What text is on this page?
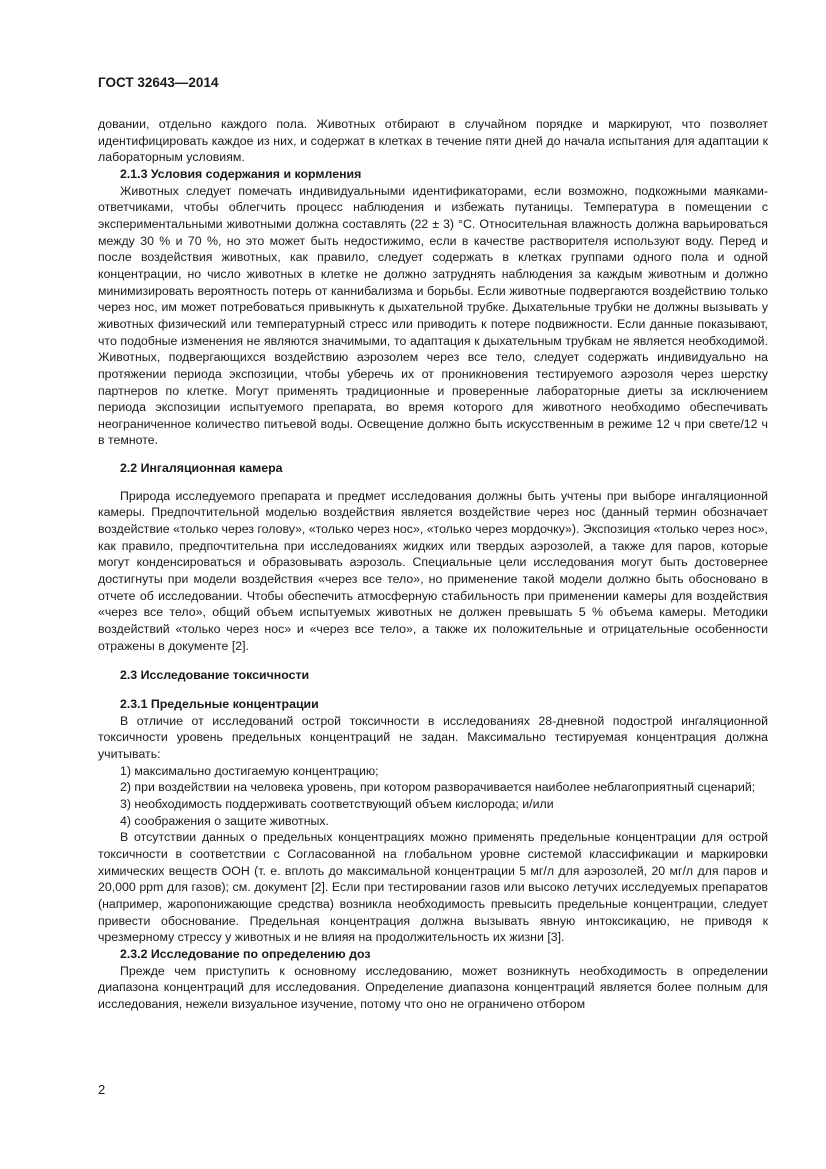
ГОСТ 32643—2014

довании, отдельно каждого пола. Животных отбирают в случайном порядке и маркируют, что позволяет идентифицировать каждое из них, и содержат в клетках в течение пяти дней до начала испытания для адаптации к лабораторным условиям.

2.1.3 Условия содержания и кормления

Животных следует помечать индивидуальными идентификаторами, если возможно, подкожными маяками-ответчиками, чтобы облегчить процесс наблюдения и избежать путаницы. Температура в помещении с экспериментальными животными должна составлять (22 ± 3) °С. Относительная влажность должна варьироваться между 30 % и 70 %, но это может быть недостижимо, если в качестве растворителя используют воду. Перед и после воздействия животных, как правило, следует содержать в клетках группами одного пола и одной концентрации, но число животных в клетке не должно затруднять наблюдения за каждым животным и должно минимизировать вероятность потерь от каннибализма и борьбы. Если животные подвергаются воздействию только через нос, им может потребоваться привыкнуть к дыхательной трубке. Дыхательные трубки не должны вызывать у животных физический или температурный стресс или приводить к потере подвижности. Если данные показывают, что подобные изменения не являются значимыми, то адаптация к дыхательным трубкам не является необходимой. Животных, подвергающихся воздействию аэрозолем через все тело, следует содержать индивидуально на протяжении периода экспозиции, чтобы уберечь их от проникновения тестируемого аэрозоля через шерстку партнеров по клетке. Могут применять традиционные и проверенные лабораторные диеты за исключением периода экспозиции испытуемого препарата, во время которого для животного необходимо обеспечивать неограниченное количество питьевой воды. Освещение должно быть искусственным в режиме 12 ч при свете/12 ч в темноте.

2.2 Ингаляционная камера

Природа исследуемого препарата и предмет исследования должны быть учтены при выборе ингаляционной камеры. Предпочтительной моделью воздействия является воздействие через нос (данный термин обозначает воздействие «только через голову», «только через нос», «только через мордочку»). Экспозиция «только через нос», как правило, предпочтительна при исследованиях жидких или твердых аэрозолей, а также для паров, которые могут конденсироваться и образовывать аэрозоль. Специальные цели исследования могут быть достовернее достигнуты при модели воздействия «через все тело», но применение такой модели должно быть обосновано в отчете об исследовании. Чтобы обеспечить атмосферную стабильность при применении камеры для воздействия «через все тело», общий объем испытуемых животных не должен превышать 5 % объема камеры. Методики воздействий «только через нос» и «через все тело», а также их положительные и отрицательные особенности отражены в документе [2].

2.3 Исследование токсичности

2.3.1 Предельные концентрации

В отличие от исследований острой токсичности в исследованиях 28-дневной подострой ингаляционной токсичности уровень предельных концентраций не задан. Максимально тестируемая концентрация должна учитывать:

1) максимально достигаемую концентрацию;

2) при воздействии на человека уровень, при котором разворачивается наиболее неблагоприятный сценарий;

3) необходимость поддерживать соответствующий объем кислорода; и/или

4) соображения о защите животных.

В отсутствии данных о предельных концентрациях можно применять предельные концентрации для острой токсичности в соответствии с Согласованной на глобальном уровне системой классификации и маркировки химических веществ ООН (т. е. вплоть до максимальной концентрации 5 мг/л для аэрозолей, 20 мг/л для паров и 20,000 ppm для газов); см. документ [2]. Если при тестировании газов или высоко летучих исследуемых препаратов (например, жаропонижающие средства) возникла необходимость превысить предельные концентрации, следует привести обоснование. Предельная концентрация должна вызывать явную интоксикацию, не приводя к чрезмерному стрессу у животных и не влияя на продолжительность их жизни [3].

2.3.2 Исследование по определению доз

Прежде чем приступить к основному исследованию, может возникнуть необходимость в определении диапазона концентраций для исследования. Определение диапазона концентраций является более полным для исследования, нежели визуальное изучение, потому что оно не ограничено отбором

2
